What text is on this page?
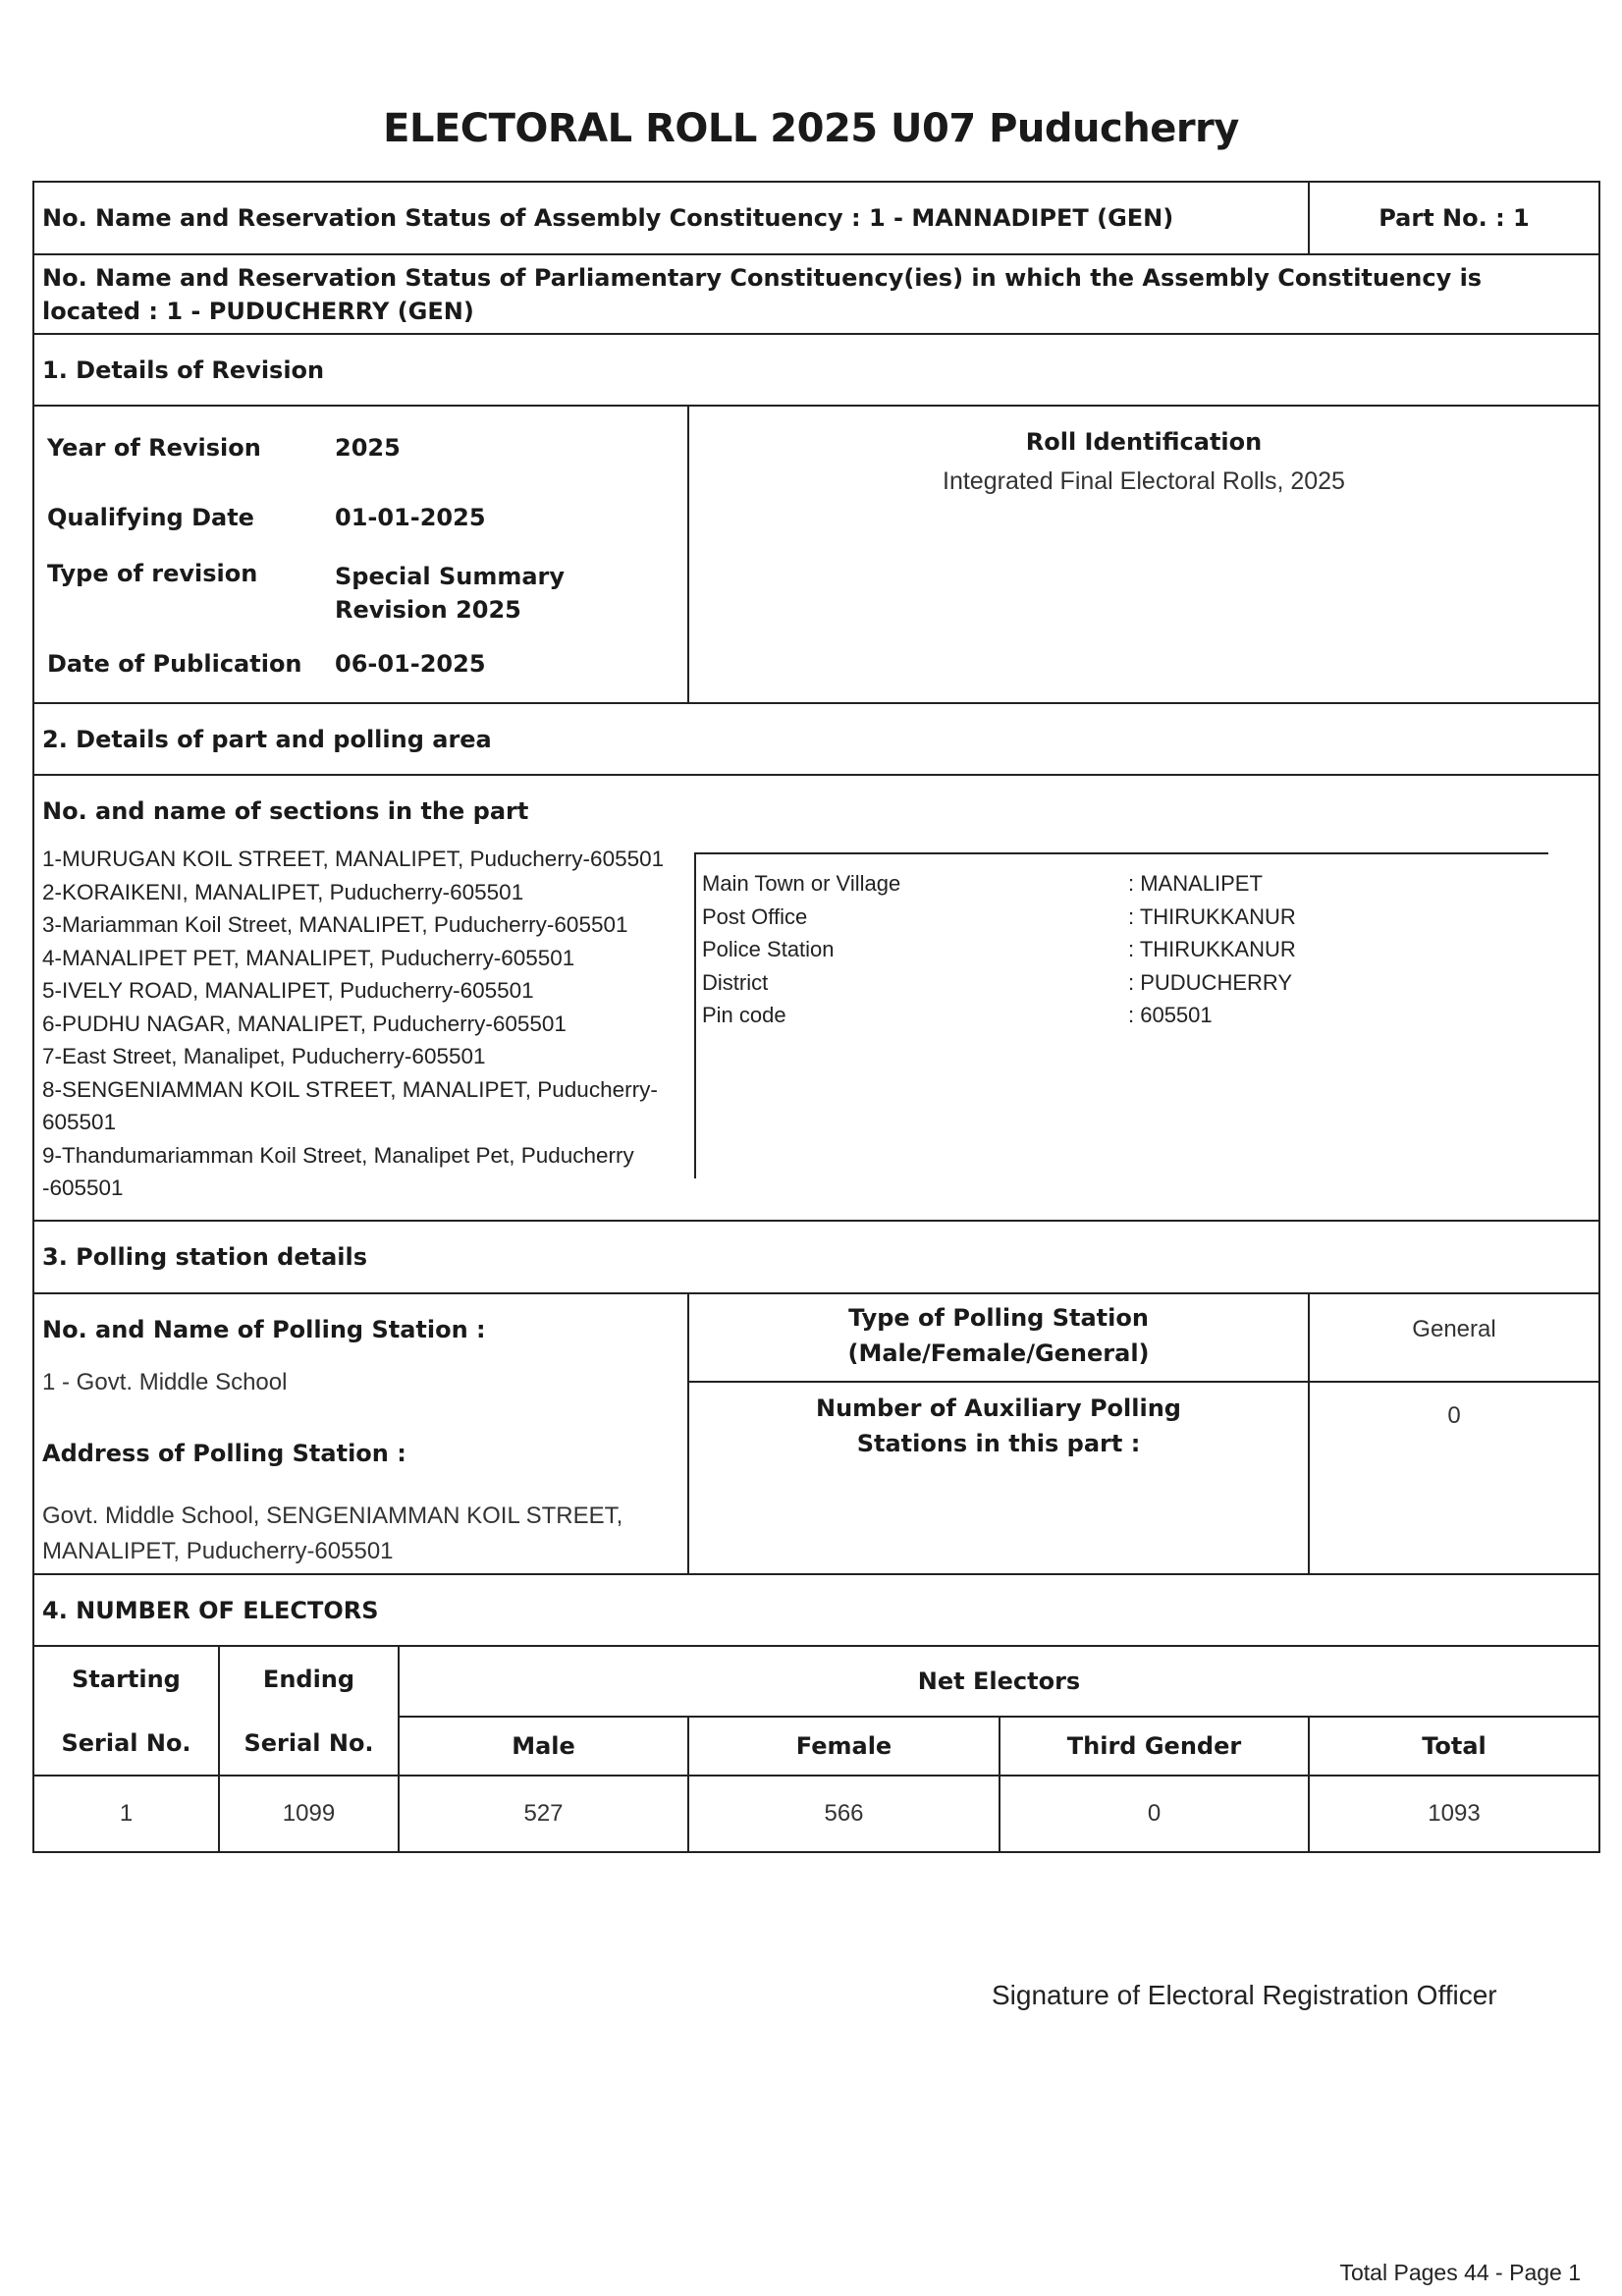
ELECTORAL ROLL 2025 U07 Puducherry
No. Name and Reservation Status of Assembly Constituency : 1 - MANNADIPET (GEN)	Part No. : 1
No. Name and Reservation Status of Parliamentary Constituency(ies) in which the Assembly Constituency is located : 1 - PUDUCHERRY (GEN)
1. Details of Revision
Year of Revision	2025
Qualifying Date	01-01-2025
Type of revision	Special Summary Revision 2025
Date of Publication 06-01-2025
Roll Identification
Integrated Final Electoral Rolls, 2025
2. Details of part and polling area
No. and name of sections in the part
1-MURUGAN KOIL STREET, MANALIPET, Puducherry-605501
2-KORAIKENI, MANALIPET, Puducherry-605501
3-Mariamman Koil Street, MANALIPET, Puducherry-605501
4-MANALIPET PET, MANALIPET, Puducherry-605501
5-IVELY ROAD, MANALIPET, Puducherry-605501
6-PUDHU NAGAR, MANALIPET, Puducherry-605501
7-East Street, Manalipet, Puducherry-605501
8-SENGENIAMMAN KOIL STREET, MANALIPET, Puducherry-605501
9-Thandumariamman Koil Street, Manalipet Pet, Puducherry -605501
Main Town or Village	: MANALIPET
Post Office	: THIRUKKANUR
Police Station	: THIRUKKANUR
District	: PUDUCHERRY
Pin code	: 605501
3. Polling station details
No. and Name of Polling Station :
1 - Govt. Middle School
Address of Polling Station :
Govt. Middle School, SENGENIAMMAN KOIL STREET, MANALIPET, Puducherry-605501
Type of Polling Station
(Male/Female/General)
General
Number of Auxiliary Polling
Stations in this part :
0
4. NUMBER OF ELECTORS
Starting
Serial No.
Ending
Serial No.
Net Electors
Male	Female	Third Gender	Total
1	1099	527	566	0	1093
Signature of Electoral Registration Officer
Total Pages 44 - Page 1
